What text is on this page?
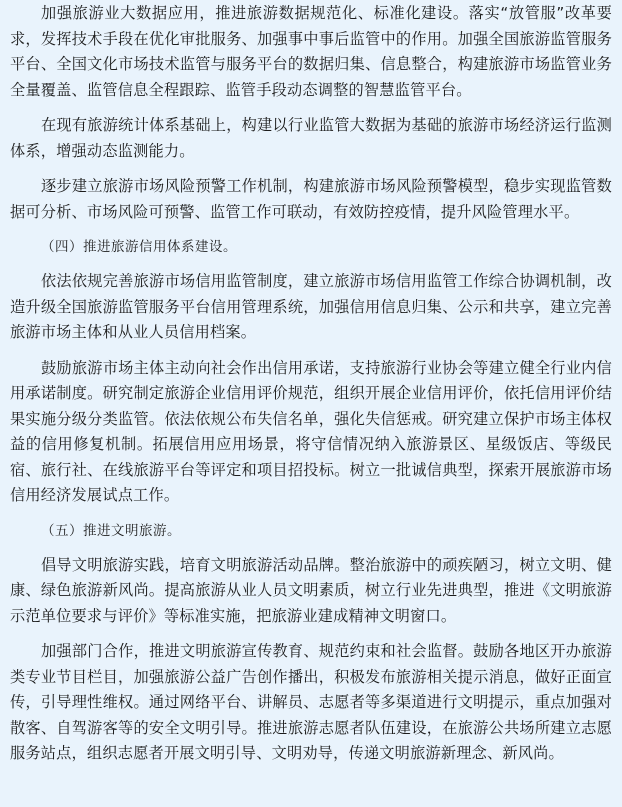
加强旅游业大数据应用，推进旅游数据规范化、标准化建设。落实“放管服”改革要求，发挥技术手段在优化审批服务、加强事中事后监管中的作用。加强全国旅游监管服务平台、全国文化市场技术监管与服务平台的数据归集、信息整合，构建旅游市场监管业务全量覆盖、监管信息全程跟踪、监管手段动态调整的智慧监管平台。

在现有旅游统计体系基础上，构建以行业监管大数据为基础的旅游市场经济运行监测体系，增强动态监测能力。

逐步建立旅游市场风险预警工作机制，构建旅游市场风险预警模型，稳步实现监管数据可分析、市场风险可预警、监管工作可联动，有效防控疫情，提升风险管理水平。

（四）推进旅游信用体系建设。

依法依规完善旅游市场信用监管制度，建立旅游市场信用监管工作综合协调机制，改造升级全国旅游监管服务平台信用管理系统，加强信用信息归集、公示和共享，建立完善旅游市场主体和从业人员信用档案。

鼓励旅游市场主体主动向社会作出信用承诺，支持旅游行业协会等建立健全行业内信用承诺制度。研究制定旅游企业信用评价规范，组织开展企业信用评价，依托信用评价结果实施分级分类监管。依法依规公布失信名单，强化失信惩戒。研究建立保护市场主体权益的信用修复机制。拓展信用应用场景，将守信情况纳入旅游景区、星级饭店、等级民宿、旅行社、在线旅游平台等评定和项目招投标。树立一批诚信典型，探索开展旅游市场信用经济发展试点工作。

（五）推进文明旅游。

倡导文明旅游实践，培育文明旅游活动品牌。整治旅游中的顽疾陋习，树立文明、健康、绿色旅游新风尚。提高旅游从业人员文明素质，树立行业先进典型，推进《文明旅游示范单位要求与评价》等标准实施，把旅游业建成精神文明窗口。

加强部门合作，推进文明旅游宣传教育、规范约束和社会监督。鼓励各地区开办旅游类专业节目栏目，加强旅游公益广告创作播出，积极发布旅游相关提示消息，做好正面宣传，引导理性维权。通过网络平台、讲解员、志愿者等多渠道进行文明提示，重点加强对散客、自驾游客等的安全文明引导。推进旅游志愿者队伍建设，在旅游公共场所建立志愿服务站点，组织志愿者开展文明引导、文明劝导，传递文明旅游新理念、新风尚。
